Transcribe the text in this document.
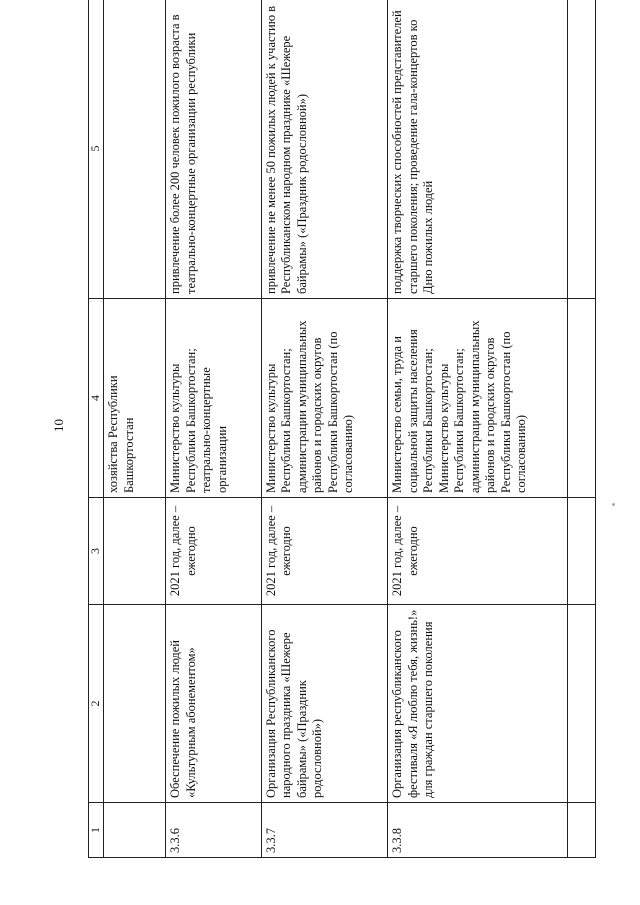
10
1	2	3	4	5
			хозяйства Республики Башкортостан	
3.3.6	Обеспечение пожилых людей «Культурным абонементом»	2021 год, далее – ежегодно	Министерство культуры Республики Башкортостан; театрально-концертные организации	привлечение более 200 человек пожилого возраста в театрально-концертные организации республики
3.3.7	Организация Республиканского народного праздника «Шежере байрамы» («Праздник родословной»)	2021 год, далее – ежегодно	Министерство культуры Республики Башкортостан; администрации муниципальных районов и городских округов Республики Башкортостан (по согласованию)	привлечение не менее 50 пожилых людей к участию в Республиканском народном празднике «Шежере байрамы» («Праздник родословной»)
3.3.8	Организация республиканского фестиваля «Я люблю тебя, жизнь!» для граждан старшего поколения	2021 год, далее – ежегодно	Министерство семьи, труда и социальной защиты населения Республики Башкортостан; Министерство культуры Республики Башкортостан; администрации муниципальных районов и городских округов Республики Башкортостан (по согласованию)	поддержка творческих способностей представителей старшего поколения; проведение гала-концертов ко Дню пожилых людей
